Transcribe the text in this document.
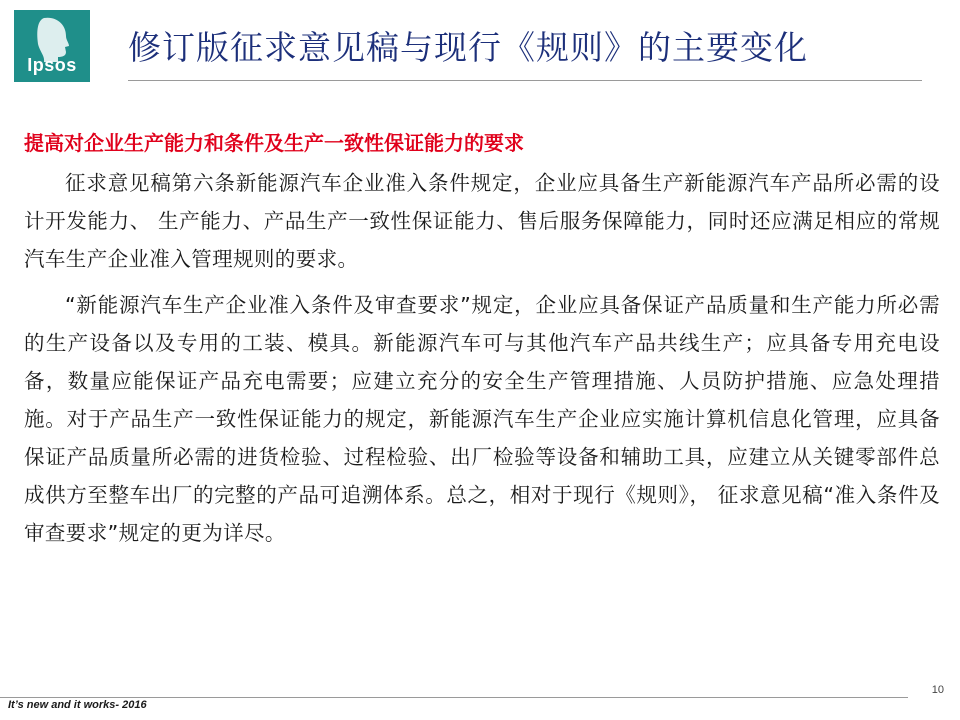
Ipsos	修订版征求意见稿与现行《规则》的主要变化
提高对企业生产能力和条件及生产一致性保证能力的要求

征求意见稿第六条新能源汽车企业准入条件规定，企业应具备生产新能源汽车产品所必需的设计开发能力、 生产能力、产品生产一致性保证能力、售后服务保障能力，同时还应满足相应的常规汽车生产企业准入管理规则的要求。

“新能源汽车生产企业准入条件及审查要求”规定，企业应具备保证产品质量和生产能力所必需的生产设备以及专用的工装、模具。新能源汽车可与其他汽车产品共线生产；应具备专用充电设备，数量应能保证产品充电需要；应建立充分的安全生产管理措施、人员防护措施、应急处理措施。对于产品生产一致性保证能力的规定，新能源汽车生产企业应实施计算机信息化管理，应具备保证产品质量所必需的进货检验、过程检验、出厂检验等设备和辅助工具，应建立从关键零部件总成供方至整车出厂的完整的产品可追溯体系。总之，相对于现行《规则》， 征求意见稿“准入条件及审查要求”规定的更为详尽。

10
It’s new and it works- 2016
